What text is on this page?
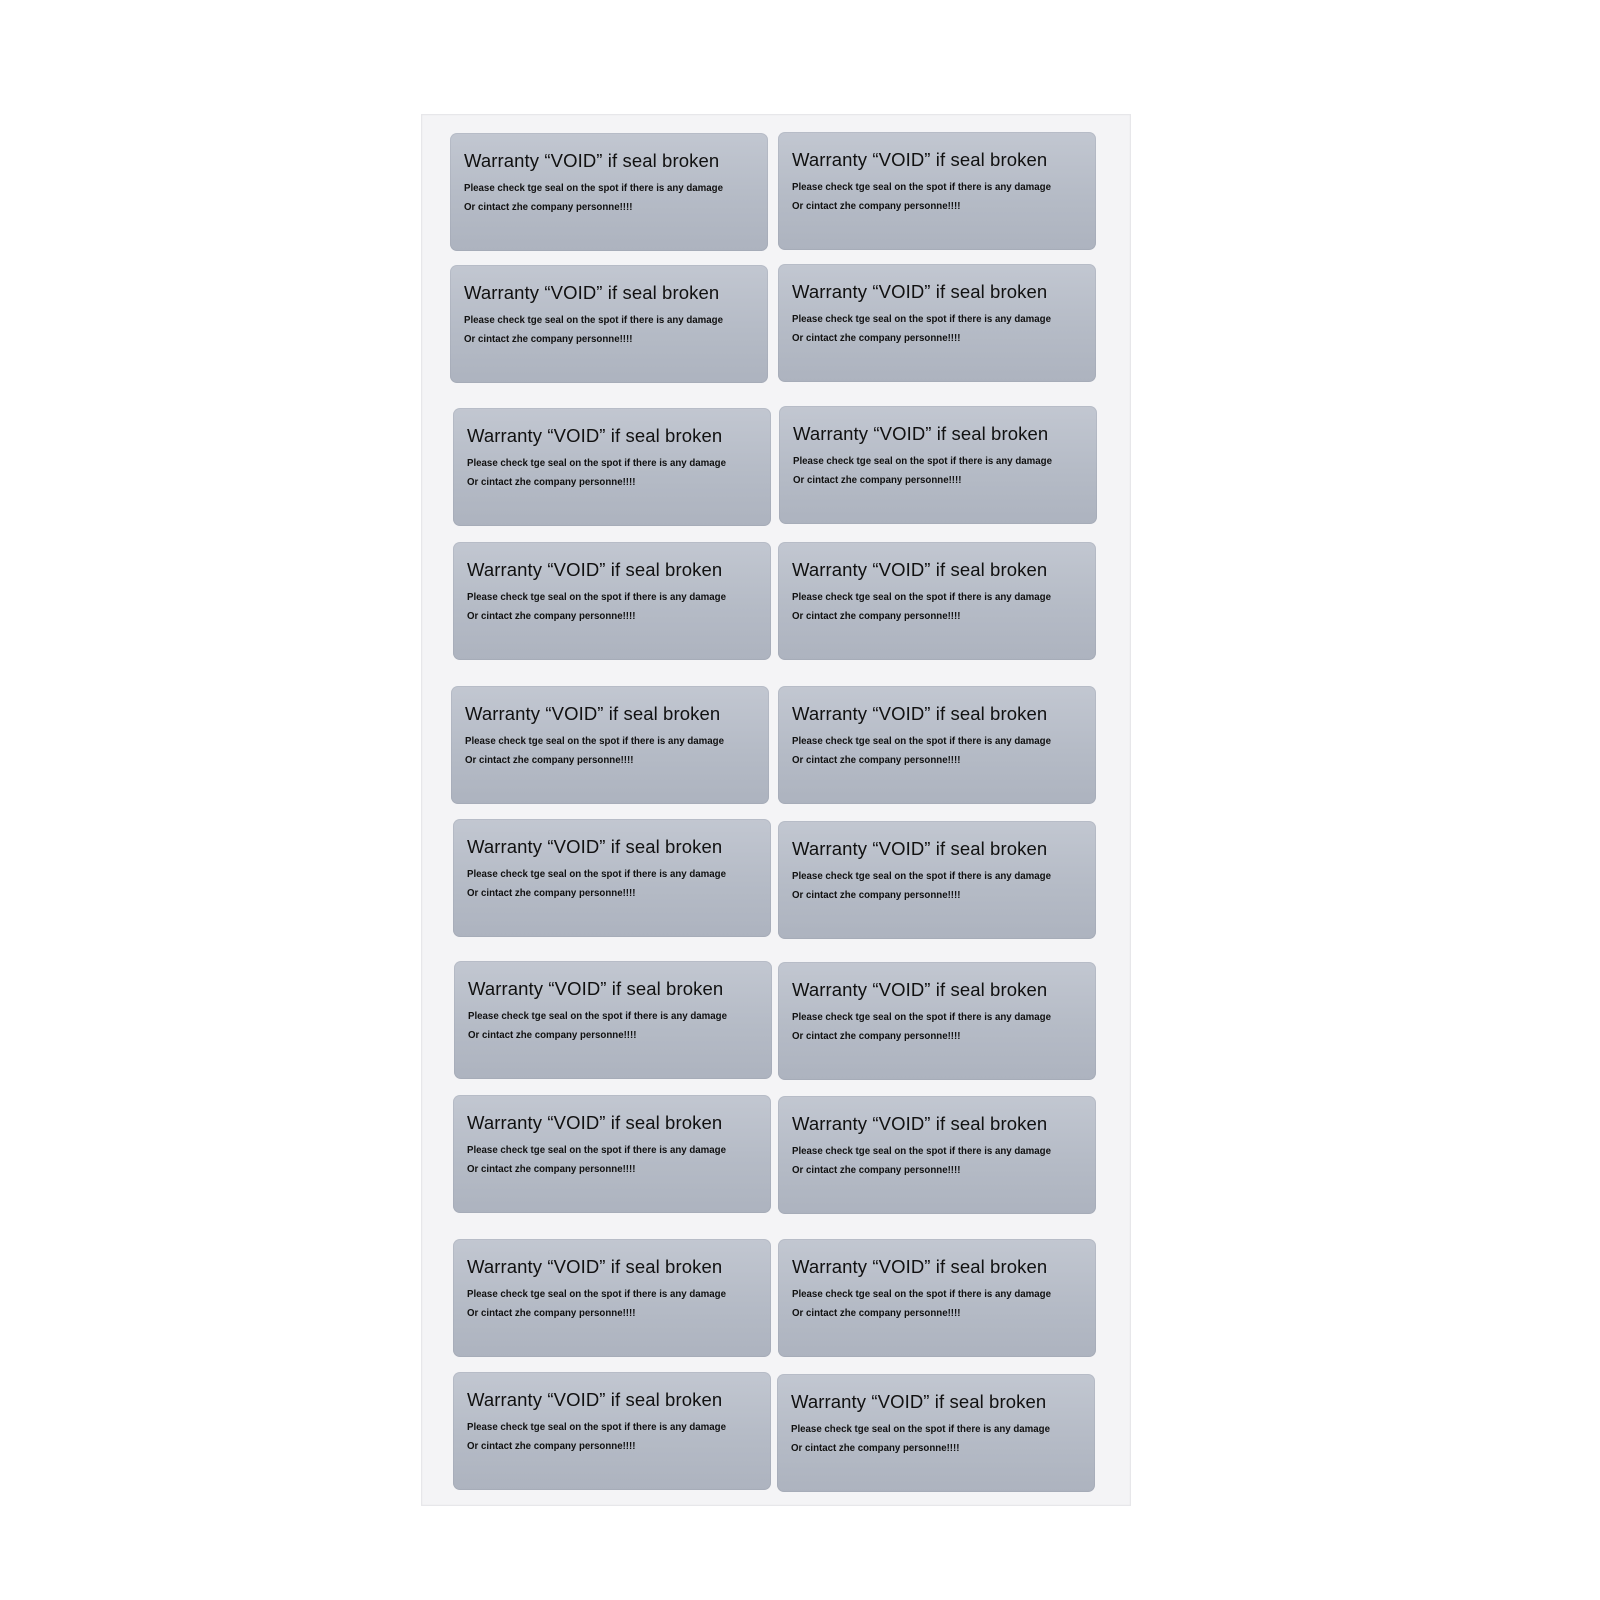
Warranty “VOID” if seal broken
Please check tge seal on the spot if there is any damage
Or cintact zhe company personne!!!!
Warranty “VOID” if seal broken
Please check tge seal on the spot if there is any damage
Or cintact zhe company personne!!!!
Warranty “VOID” if seal broken
Please check tge seal on the spot if there is any damage
Or cintact zhe company personne!!!!
Warranty “VOID” if seal broken
Please check tge seal on the spot if there is any damage
Or cintact zhe company personne!!!!
Warranty “VOID” if seal broken
Please check tge seal on the spot if there is any damage
Or cintact zhe company personne!!!!
Warranty “VOID” if seal broken
Please check tge seal on the spot if there is any damage
Or cintact zhe company personne!!!!
Warranty “VOID” if seal broken
Please check tge seal on the spot if there is any damage
Or cintact zhe company personne!!!!
Warranty “VOID” if seal broken
Please check tge seal on the spot if there is any damage
Or cintact zhe company personne!!!!
Warranty “VOID” if seal broken
Please check tge seal on the spot if there is any damage
Or cintact zhe company personne!!!!
Warranty “VOID” if seal broken
Please check tge seal on the spot if there is any damage
Or cintact zhe company personne!!!!
Warranty “VOID” if seal broken
Please check tge seal on the spot if there is any damage
Or cintact zhe company personne!!!!
Warranty “VOID” if seal broken
Please check tge seal on the spot if there is any damage
Or cintact zhe company personne!!!!
Warranty “VOID” if seal broken
Please check tge seal on the spot if there is any damage
Or cintact zhe company personne!!!!
Warranty “VOID” if seal broken
Please check tge seal on the spot if there is any damage
Or cintact zhe company personne!!!!
Warranty “VOID” if seal broken
Please check tge seal on the spot if there is any damage
Or cintact zhe company personne!!!!
Warranty “VOID” if seal broken
Please check tge seal on the spot if there is any damage
Or cintact zhe company personne!!!!
Warranty “VOID” if seal broken
Please check tge seal on the spot if there is any damage
Or cintact zhe company personne!!!!
Warranty “VOID” if seal broken
Please check tge seal on the spot if there is any damage
Or cintact zhe company personne!!!!
Warranty “VOID” if seal broken
Please check tge seal on the spot if there is any damage
Or cintact zhe company personne!!!!
Warranty “VOID” if seal broken
Please check tge seal on the spot if there is any damage
Or cintact zhe company personne!!!!
